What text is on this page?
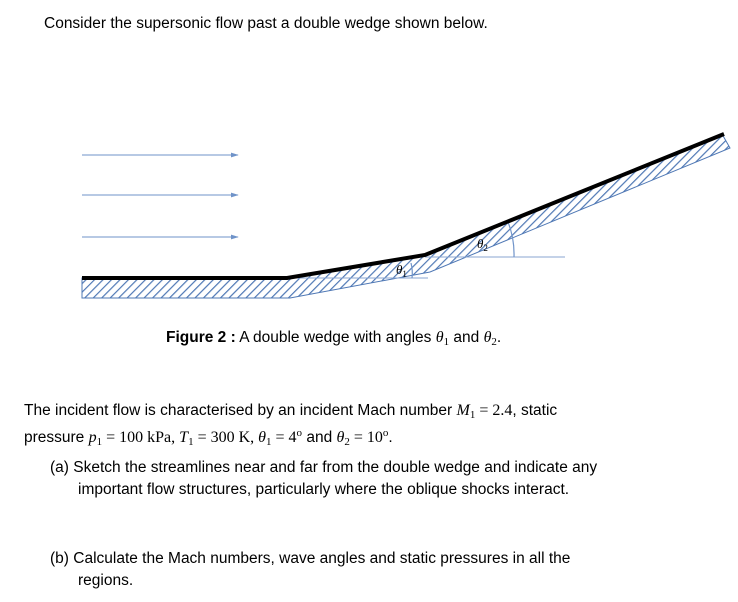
Consider the supersonic flow past a double wedge shown below.
$\theta_1$
$\theta_2$
Figure 2 : A double wedge with angles $\theta_1$ and $\theta_2$.
The incident flow is characterised by an incident Mach number $M_1 = 2.4$, static
pressure $p_1 = 100$ kPa, $T_1 = 300$ K, $\theta_1 = 4^o$ and $\theta_2 = 10^o$.
(a) Sketch the streamlines near and far from the double wedge and indicate any
important flow structures, particularly where the oblique shocks interact.
(b) Calculate the Mach numbers, wave angles and static pressures in all the
regions.
